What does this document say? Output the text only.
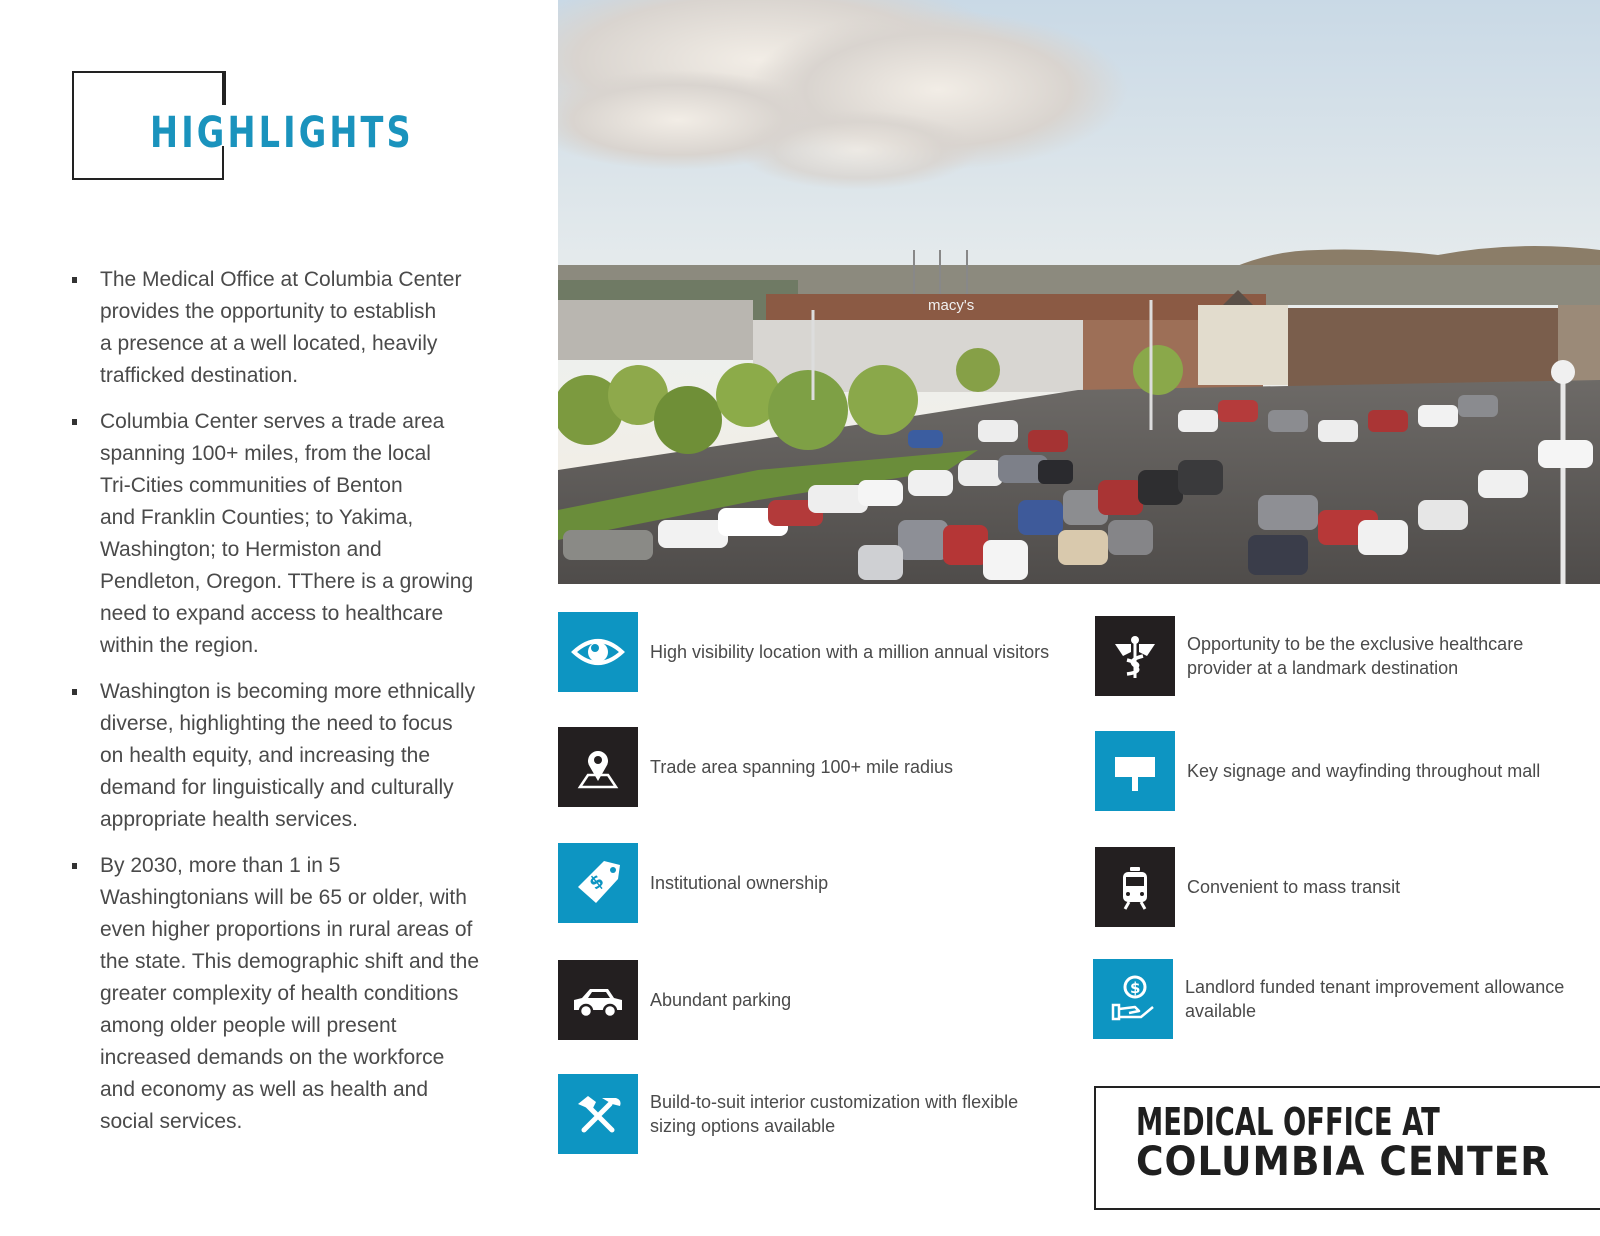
HIGHLIGHTS
The Medical Office at Columbia Center
provides the opportunity to establish
a presence at a well located, heavily
trafficked destination.
Columbia Center serves a trade area
spanning 100+ miles, from the local
Tri-Cities communities of Benton
and Franklin Counties; to Yakima,
Washington; to Hermiston and
Pendleton, Oregon. TThere is a growing
need to expand access to healthcare
within the region.
Washington is becoming more ethnically
diverse, highlighting the need to focus
on health equity, and increasing the
demand for linguistically and culturally
appropriate health services.
By 2030, more than 1 in 5
Washingtonians will be 65 or older, with
even higher proportions in rural areas of
the state. This demographic shift and the
greater complexity of health conditions
among older people will present
increased demands on the workforce
and economy as well as health and
social services.
macy's
High visibility location with a million annual visitors
Trade area spanning 100+ mile radius
$ Institutional ownership
Abundant parking
Build-to-suit interior customization with flexible sizing options available
Opportunity to be the exclusive healthcare provider at a landmark destination
Key signage and wayfinding throughout mall
Convenient to mass transit
$ Landlord funded tenant improvement allowance available
MEDICAL OFFICE AT
COLUMBIA CENTER
